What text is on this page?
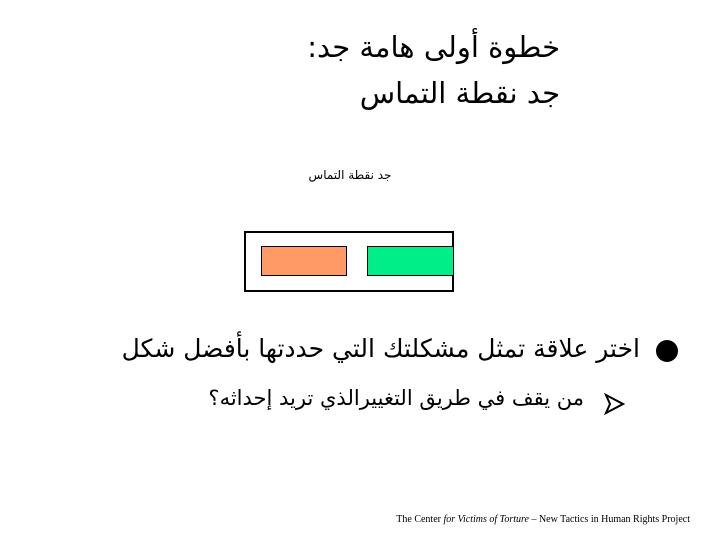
خطوة أولى هامة جد:
جد نقطة التماس
جد نقطة التماس
اختر علاقة تمثل مشكلتك التي حددتها بأفضل شكل
من يقف في طريق التغييرالذي تريد إحداثه؟
The Center for Victims of Torture – New Tactics in Human Rights Project
